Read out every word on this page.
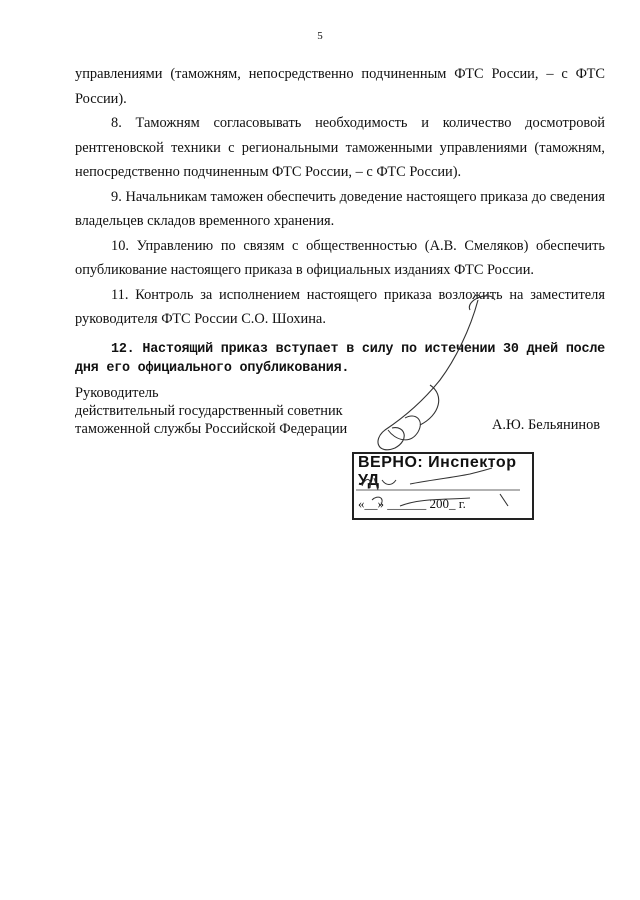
5

управлениями (таможням, непосредственно подчиненным ФТС России, – с ФТС России).

8. Таможням согласовывать необходимость и количество досмотровой рентгеновской техники с региональными таможенными управлениями (таможням, непосредственно подчиненным ФТС России, – с ФТС России).

9. Начальникам таможен обеспечить доведение настоящего приказа до сведения владельцев складов временного хранения.

10. Управлению по связям с общественностью (А.В. Смеляков) обеспечить опубликование настоящего приказа в официальных изданиях ФТС России.

11. Контроль за исполнением настоящего приказа возложить на заместителя руководителя ФТС России С.О. Шохина.

12. Настоящий приказ вступает в силу по истечении 30 дней после дня его официального опубликования.

Руководитель
действительный государственный советник
таможенной службы Российской Федерации	А.Ю. Бельянинов
ВЕРНО: Инспектор УД
«__» ______ 200_ г.
